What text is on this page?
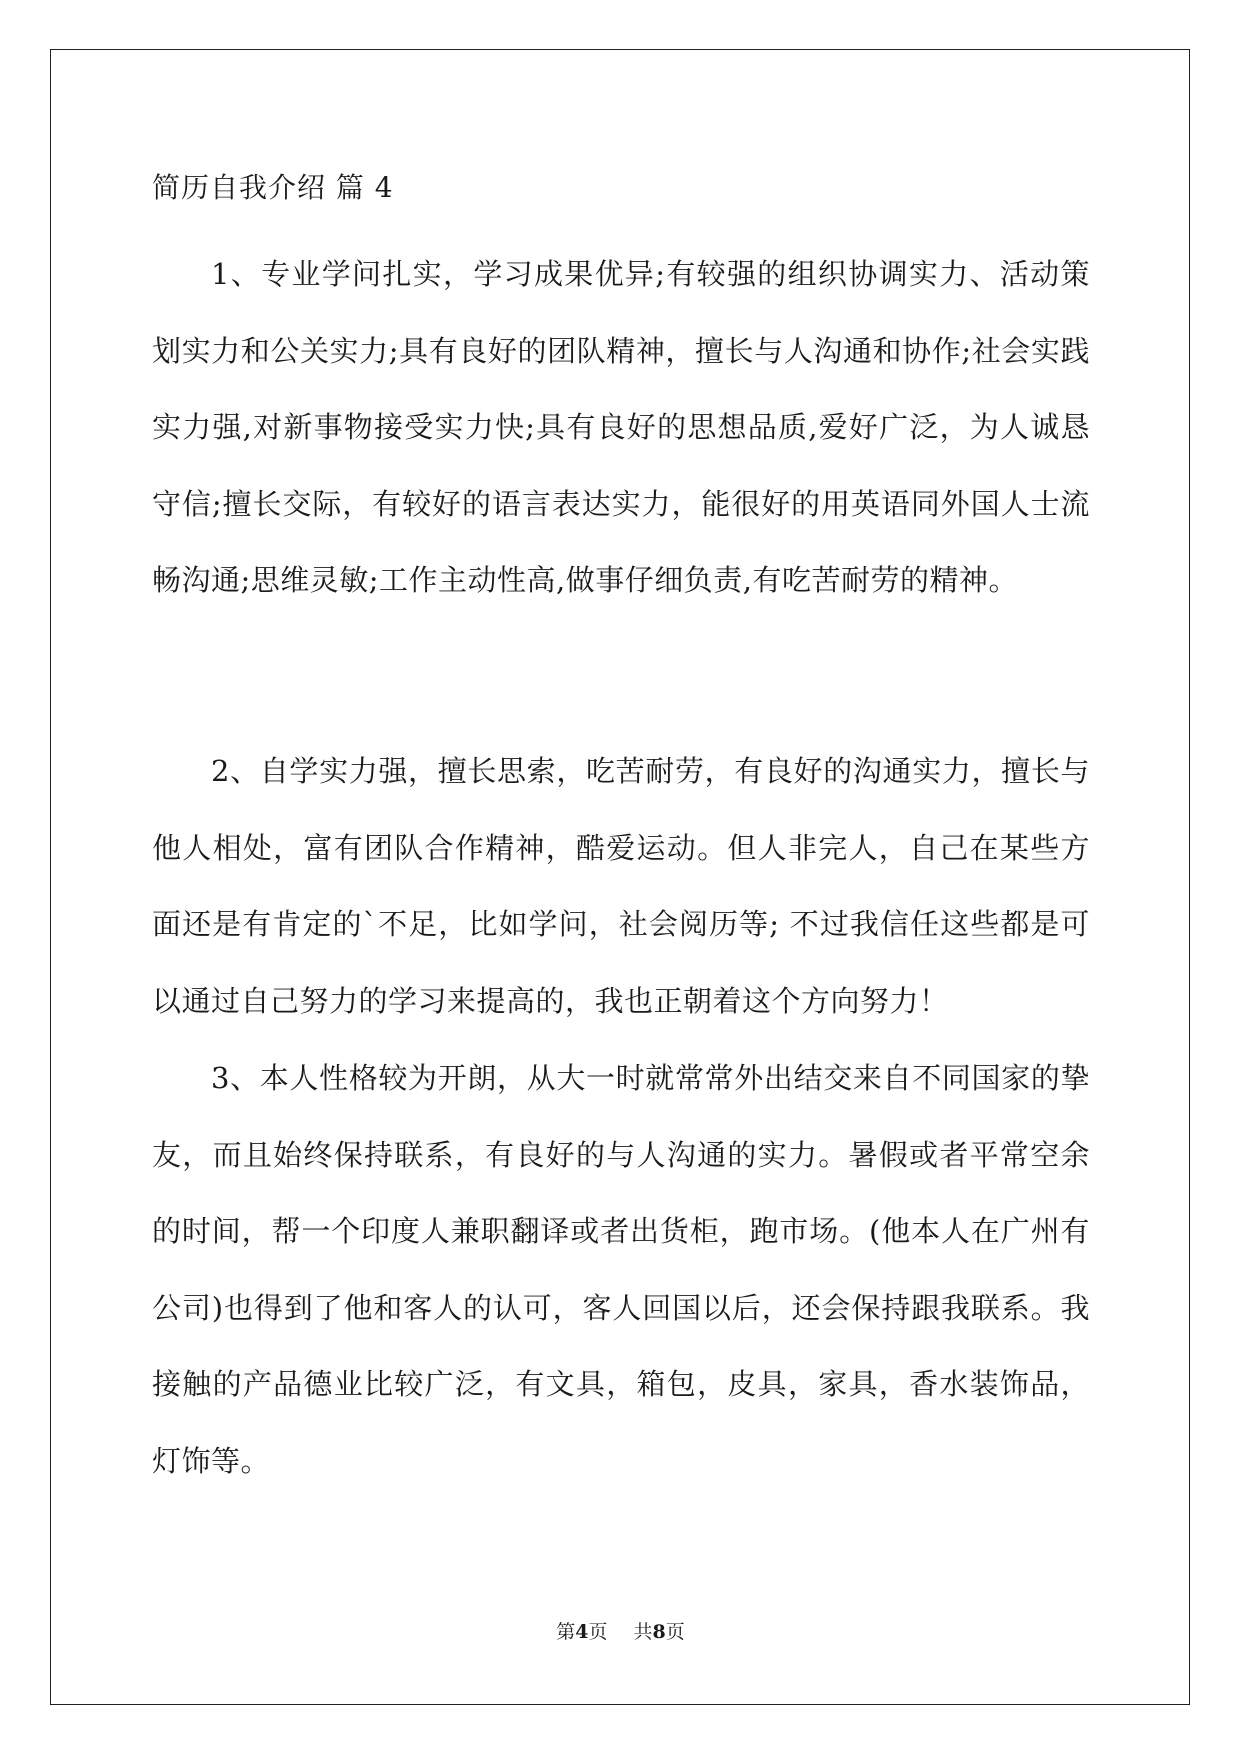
简历自我介绍 篇 4

1、专业学问扎实，学习成果优异;有较强的组织协调实力、活动策划实力和公关实力;具有良好的团队精神，擅长与人沟通和协作;社会实践实力强,对新事物接受实力快;具有良好的思想品质,爱好广泛，为人诚恳守信;擅长交际，有较好的语言表达实力，能很好的用英语同外国人士流畅沟通;思维灵敏;工作主动性高,做事仔细负责,有吃苦耐劳的精神。

2、自学实力强，擅长思索，吃苦耐劳，有良好的沟通实力，擅长与他人相处，富有团队合作精神，酷爱运动。但人非完人，自己在某些方面还是有肯定的`不足，比如学问，社会阅历等; 不过我信任这些都是可以通过自己努力的学习来提高的，我也正朝着这个方向努力！

3、本人性格较为开朗，从大一时就常常外出结交来自不同国家的挚友，而且始终保持联系，有良好的与人沟通的实力。暑假或者平常空余的时间，帮一个印度人兼职翻译或者出货柜，跑市场。(他本人在广州有公司)也得到了他和客人的认可，客人回国以后，还会保持跟我联系。我接触的产品德业比较广泛，有文具，箱包，皮具，家具，香水装饰品，灯饰等。

第4页 共8页
